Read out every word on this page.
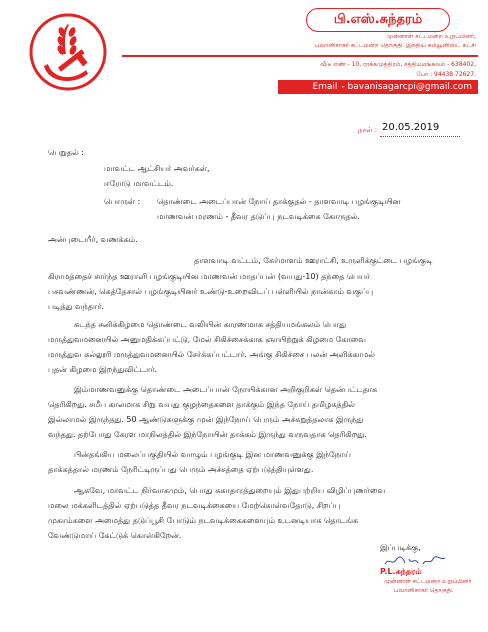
பி.எஸ்.சுந்தரம்
முன்னாள் சட்டமன்ற உறுப்பினர்,
பவானிசாகர் சட்டமன்ற தொகுதி. இந்திய கம்யூனிஸ்ட் கட்சி
வீடு எண் - 10, ராக்கமுத்திரம், சத்தியமங்கலம் - 638402,
போ : 94438 72627.
Email - bavanisagarcpi@gmail.com
நாள் : 20.05.2019
பெறுதல் :
மாவட்ட ஆட்சியர் அவர்கள்,
ஈரோடு மாவட்டம்.
பொருள் : தொண்டை அடைப்பான் நோய் தாக்குதல் - தாளவாடி பழங்குடியின
மாணவன் மரணம் - தீவர தடுப்பு நடவடிக்கை கோருதல்.
அன்புடையீர், வணக்கம்.
தாளவாடி வட்டம், கேர்மாளம் ஊராட்சி, உருளிக்குட்டை பழங்குடி
கிராமத்தைச் சார்ந்த ஊராளி பழங்குடியின மாணவன் மாதப்பன் (வயது-10) தந்தை பெயர்
பசவண்ணன், கெத்தேசால் பழங்குடியினர் உண்டு-உறைவிடப் பள்ளியில் நான்காம் வகுப்பு
படித்து வந்தார்.
கடந்த சனிக்கிழமை தொண்டை வலியின் காரணமாக சத்தியமங்கலம் பொது
மருத்துவமனையில் அனுமதிக்கப்பட்டு, மேல் சிகிச்சைக்காக ஞாயிற்றுக் கிழமை கோவை
மருத்துவ கல்லூரி மருத்துவமனையில் சேர்க்கப்பட்டார். அங்கு சிகிச்சை பலன் அளிக்காமல்
புதன் கிழமை இறந்துவிட்டார்.
இம்மாணவனுக்கு தொண்டை அடைப்பான் நோயிக்கான அறிகுறிகள் தென்பட்டதாக
தெரிகிறது. சமீப காலமாக சிறு வயது குழந்தைகளை தாக்கும் இந்த நோய் தமிழகத்தில்
இல்லாமல் இருந்தது. 50 ஆண்டுகளுக்கு முன் இந்நோய் பெரும் அச்சுறுத்தலாக இருந்து
வந்தது. தற்போது கேரள மாநிலத்தில் இந்நோயின் தாக்கம் இருந்து வருவதாக தெரிகிறது.
பின்தங்கிய மலைப்பகுதியில் வாழும் பழங்குடி இன மாணவனுக்கு இந்நோய்
தாக்கத்தால் மரணம் நேரிட்டிருப்பது பெரும் அச்சத்தை ஏற்படுத்தியுள்ளது.
ஆகவே, மாவட்ட நிர்வாகமும், பொது சுகாதாரத்துறையும் இதுபற்றிய விழிப்புணர்வை
மலை மக்களிடத்தில் ஏற்படுத்த தீவர நடவடிக்கையை மேற்கொள்வதோடு, சிறப்பு
முகாம்களை அமைத்து தடுப்பூசி போடும் நடவடிக்கைகளையும் உடனடியாக தொடங்க
வேண்டுமாய் கேட்டுக் கொள்கிறேன்.
இப்படிக்கு,
P.L.சுந்தரம்
முன்னாள் சட்டமன்ற உறுப்பினர்
பவானிசாகர் தொகுதி.
